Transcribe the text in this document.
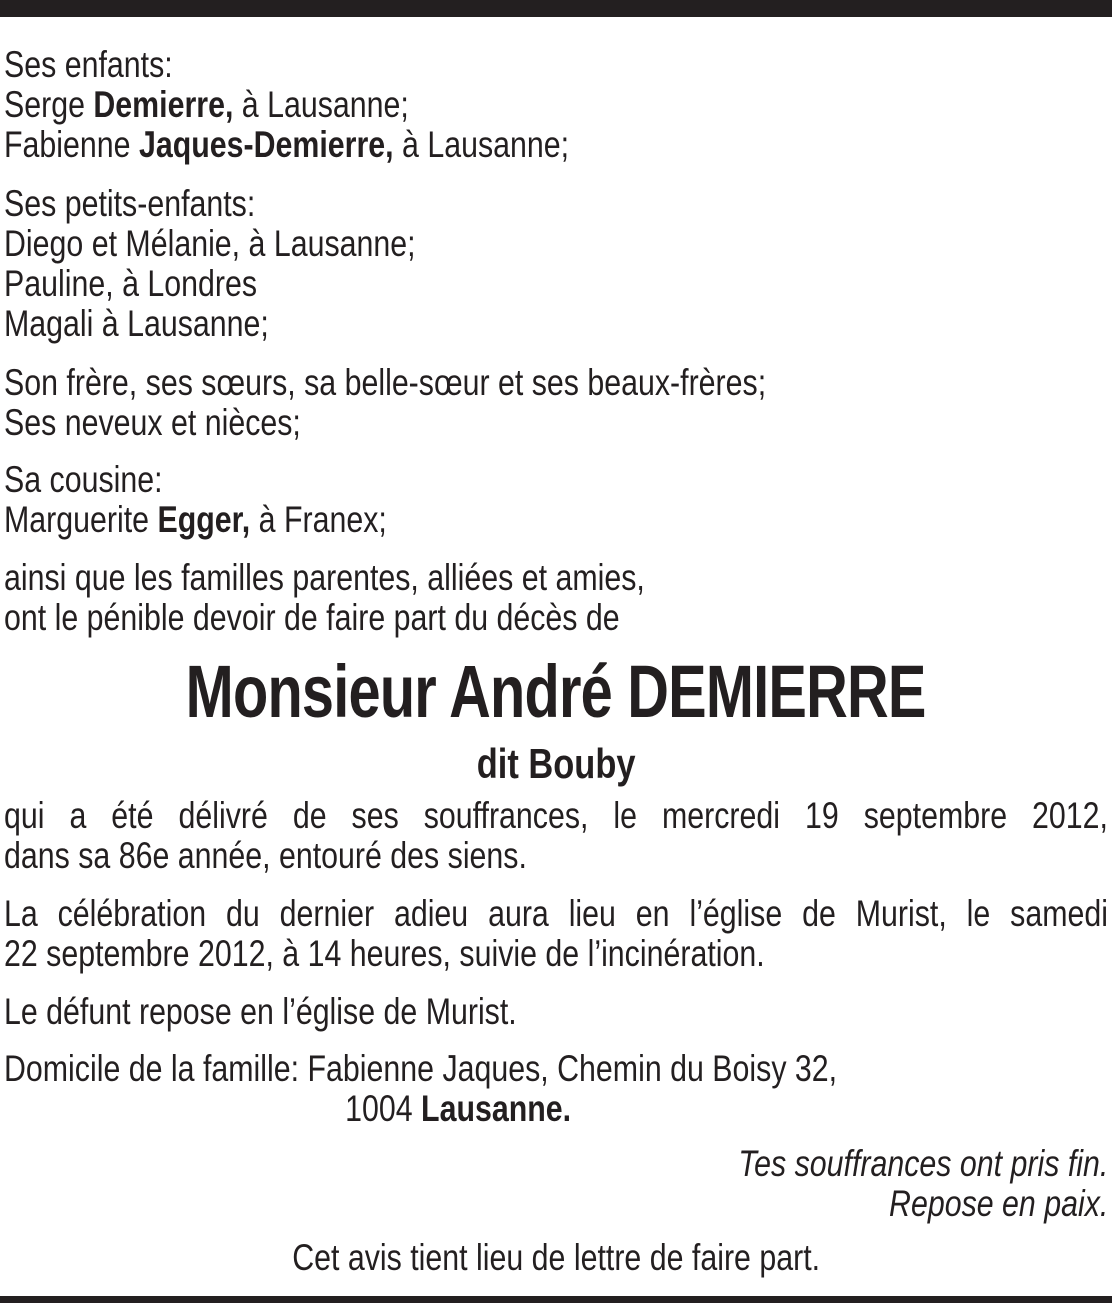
Ses enfants:
Serge Demierre, à Lausanne;
Fabienne Jaques-Demierre, à Lausanne;
Ses petits-enfants:
Diego et Mélanie, à Lausanne;
Pauline, à Londres
Magali à Lausanne;
Son frère, ses sœurs, sa belle-sœur et ses beaux-frères;
Ses neveux et nièces;
Sa cousine:
Marguerite Egger, à Franex;
ainsi que les familles parentes, alliées et amies,
ont le pénible devoir de faire part du décès de
Monsieur André DEMIERRE
dit Bouby
qui a été délivré de ses souffrances, le mercredi 19 septembre 2012,
dans sa 86e année, entouré des siens.
La célébration du dernier adieu aura lieu en l’église de Murist, le samedi
22 septembre 2012, à 14 heures, suivie de l’incinération.
Le défunt repose en l’église de Murist.
Domicile de la famille: Fabienne Jaques, Chemin du Boisy 32,
1004 Lausanne.
Tes souffrances ont pris fin.
Repose en paix.
Cet avis tient lieu de lettre de faire part.
